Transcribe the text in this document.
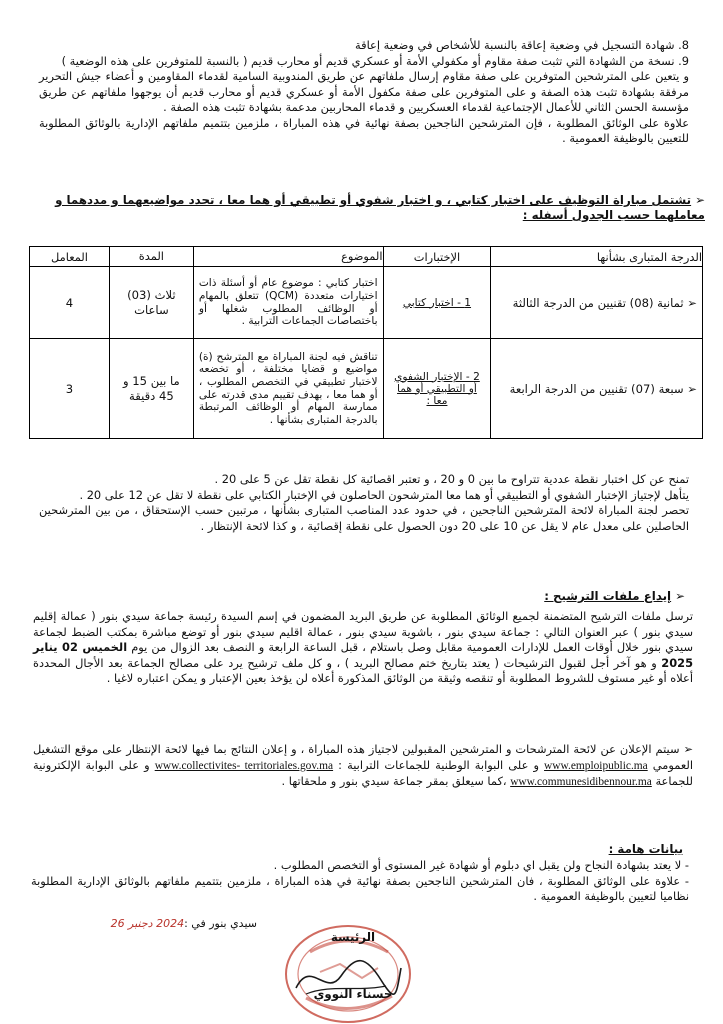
8. شهادة التسجيل في وضعية إعاقة بالنسبة للأشخاص في وضعية إعاقة
9. نسخة من الشهادة التي تثبت صفة مقاوم أو مكفولي الأمة أو عسكري قديم أو محارب قديم ( بالنسبة للمتوفرين على هذه الوضعية )
و يتعين على المترشحين المتوفرين على صفة مقاوم إرسال ملفاتهم عن طريق المندوبية السامية لقدماء المقاومين و أعضاء جيش التحرير مرفقة بشهادة تثبت هذه الصفة و على المتوفرين على صفة مكفول الأمة أو عسكري قديم أو محارب قديم أن يوجهوا ملفاتهم عن طريق مؤسسة الحسن الثاني للأعمال الإجتماعية لقدماء العسكريين و قدماء المحاربين مدعمة بشهادة تثبت هذه الصفة .
علاوة على الوثائق المطلوبة ، فإن المترشحين الناجحين بصفة نهائية في هذه المباراة ، ملزمين بتتميم ملفاتهم الإدارية بالوثائق المطلوبة للتعيين بالوظيفة العمومية .
➢تشتمل مباراة التوظيف على اختبار كتابي ، و اختبار شفوي أو تطبيقي أو هما معا ، تحدد مواضيعهما و مددهما و معاملهما حسب الجدول أسفله :
الدرجة المتبارى بشأنها	الإختبارات	الموضوع	المدة	المعامل
➢ ثمانية (08) تقنيين من الدرجة الثالثة	1 - اختبار كتابي	اختبار كتابي : موضوع عام أو أسئلة ذات اختيارات متعددة (QCM) تتعلق بالمهام أو الوظائف المطلوب شغلها أو باختصاصات الجماعات الترابية .	ثلاث (03) ساعات	4
➢ سبعة (07) تقنيين من الدرجة الرابعة	2 - الإختبار الشفوي أو التطبيقي أو هما معا :	تناقش فيه لجنة المباراة مع المترشح (ة) مواضيع و قضايا مختلفة ، أو تخضعه لاختبار تطبيقي في التخصص المطلوب ، أو هما معا ، بهدف تقييم مدى قدرته على ممارسة المهام أو الوظائف المرتبطة بالدرجة المتبارى بشأنها .	ما بين 15 و 45 دقيقة	3

تمنح عن كل اختبار نقطة عددية تتراوح ما بين 0 و 20 ، و تعتبر اقصائية كل نقطة تقل عن 5 على 20 .

يتأهل لإجتياز الإختبار الشفوي أو التطبيقي أو هما معا المترشحون الحاصلون في الإختبار الكتابي على نقطة لا تقل عن 12 على 20 .

تحصر لجنة المباراة لائحة المترشحين الناجحين ، في حدود عدد المناصب المتبارى بشأنها ، مرتبين حسب الإستحقاق ، من بين المترشحين الحاصلين على معدل عام لا يقل عن 10 على 20 دون الحصول على نقطة إقصائية ، و كذا لائحة الإنتظار .

➢إيداع ملفات الترشيح :
ترسل ملفات الترشيح المتضمنة لجميع الوثائق المطلوبة عن طريق البريد المضمون في إسم السيدة رئيسة جماعة سيدي بنور ( عمالة إقليم سيدي بنور ) عبر العنوان التالي : جماعة سيدي بنور ، باشوية سيدي بنور ، عمالة اقليم سيدي بنور أو توضع مباشرة بمكتب الضبط لجماعة سيدي بنور خلال أوقات العمل للإدارات العمومية مقابل وصل باستلام ، قبل الساعة الرابعة و النصف بعد الزوال من يوم الخميس 02 يناير 2025 و هو آخر أجل لقبول الترشيحات ( يعتد بتاريخ ختم مصالح البريد ) ، و كل ملف ترشيح يرد على مصالح الجماعة بعد الأجال المحددة أعلاه أو غير مستوف للشروط المطلوبة أو تنقصه وثيقة من الوثائق المذكورة أعلاه لن يؤخذ بعين الإعتبار و يمكن اعتباره لاغيا .
➢ سيتم الإعلان عن لائحة المترشحات و المترشحين المقبولين لاجتياز هذه المباراة ، و إعلان النتائج بما فيها لائحة الإنتظار على موقع التشغيل العمومي www.emploipublic.ma و على البوابة الوطنية للجماعات الترابية : www.collectivites- territoriales.gov.ma و على البوابة الإلكترونية للجماعة www.communesidibennour.ma ،كما سيعلق بمقر جماعة سيدي بنور و ملحقاتها .
بيانات هامة :
- لا يعتد بشهادة النجاح ولن يقبل اي دبلوم أو شهادة غير المستوى أو التخصص المطلوب .
- علاوة على الوثائق المطلوبة ، فان المترشحين الناجحين بصفة نهائية في هذه المباراة ، ملزمين بتتميم ملفاتهم بالوثائق الإدارية المطلوبة نظاميا لتعيين بالوظيفة العمومية .
سيدي بنور في :2024 دجنبر 26
الرئيسة
حسناء النووي
